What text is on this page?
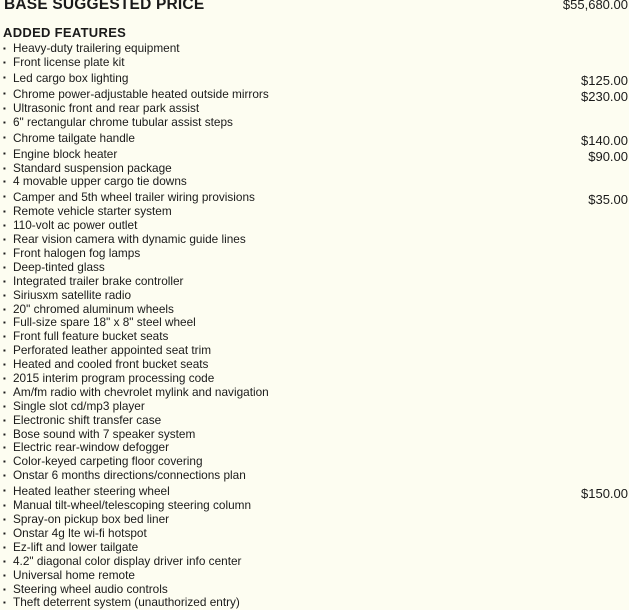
BASE SUGGESTED PRICE	$55,680.00
ADDED FEATURES
▪ Heavy-duty trailering equipment
▪ Front license plate kit
▪ Led cargo box lighting	$125.00
▪ Chrome power-adjustable heated outside mirrors	$230.00
▪ Ultrasonic front and rear park assist
▪ 6" rectangular chrome tubular assist steps
▪ Chrome tailgate handle	$140.00
▪ Engine block heater	$90.00
▪ Standard suspension package
▪ 4 movable upper cargo tie downs
▪ Camper and 5th wheel trailer wiring provisions	$35.00
▪ Remote vehicle starter system
▪ 110-volt ac power outlet
▪ Rear vision camera with dynamic guide lines
▪ Front halogen fog lamps
▪ Deep-tinted glass
▪ Integrated trailer brake controller
▪ Siriusxm satellite radio
▪ 20" chromed aluminum wheels
▪ Full-size spare 18" x 8" steel wheel
▪ Front full feature bucket seats
▪ Perforated leather appointed seat trim
▪ Heated and cooled front bucket seats
▪ 2015 interim program processing code
▪ Am/fm radio with chevrolet mylink and navigation
▪ Single slot cd/mp3 player
▪ Electronic shift transfer case
▪ Bose sound with 7 speaker system
▪ Electric rear-window defogger
▪ Color-keyed carpeting floor covering
▪ Onstar 6 months directions/connections plan
▪ Heated leather steering wheel	$150.00
▪ Manual tilt-wheel/telescoping steering column
▪ Spray-on pickup box bed liner
▪ Onstar 4g lte wi-fi hotspot
▪ Ez-lift and lower tailgate
▪ 4.2" diagonal color display driver info center
▪ Universal home remote
▪ Steering wheel audio controls
▪ Theft deterrent system (unauthorized entry)
